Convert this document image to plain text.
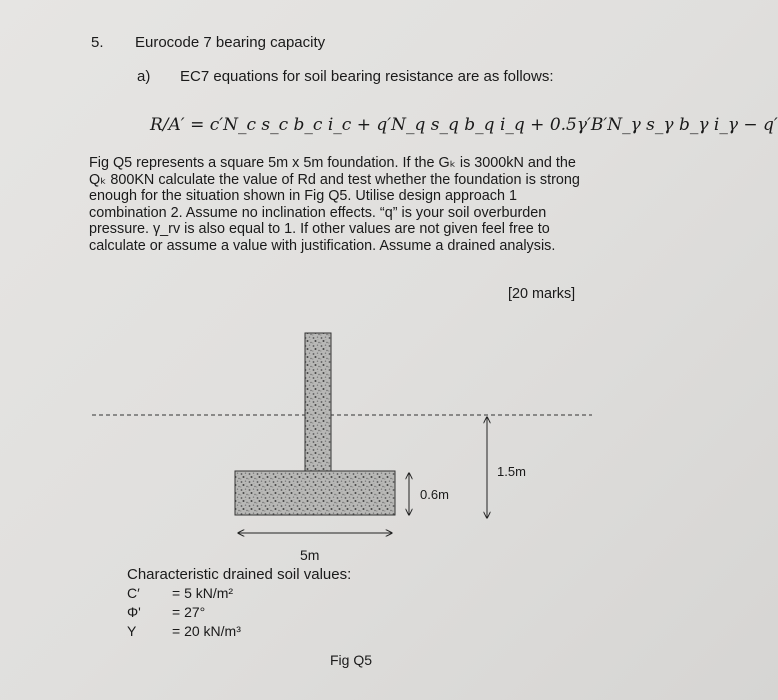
5. Eurocode 7 bearing capacity
a) EC7 equations for soil bearing resistance are as follows:
R/A′ = c′N_c s_c b_c i_c + q′N_q s_q b_q i_q + 0.5γ′B′N_γ s_γ b_γ i_γ − q′
Fig Q5 represents a square 5m x 5m foundation. If the Gₖ is 3000kN and the
Qₖ 800KN calculate the value of Rd and test whether the foundation is strong
enough for the situation shown in Fig Q5. Utilise design approach 1
combination 2. Assume no inclination effects. “q” is your soil overburden
pressure. γ_rv is also equal to 1. If other values are not given feel free to
calculate or assume a value with justification. Assume a drained analysis.
[20 marks]
5m
0.6m
1.5m
Characteristic drained soil values:
C′ = 5 kN/m²
Φ' = 27°
Y	= 20 kN/m³
Fig Q5
